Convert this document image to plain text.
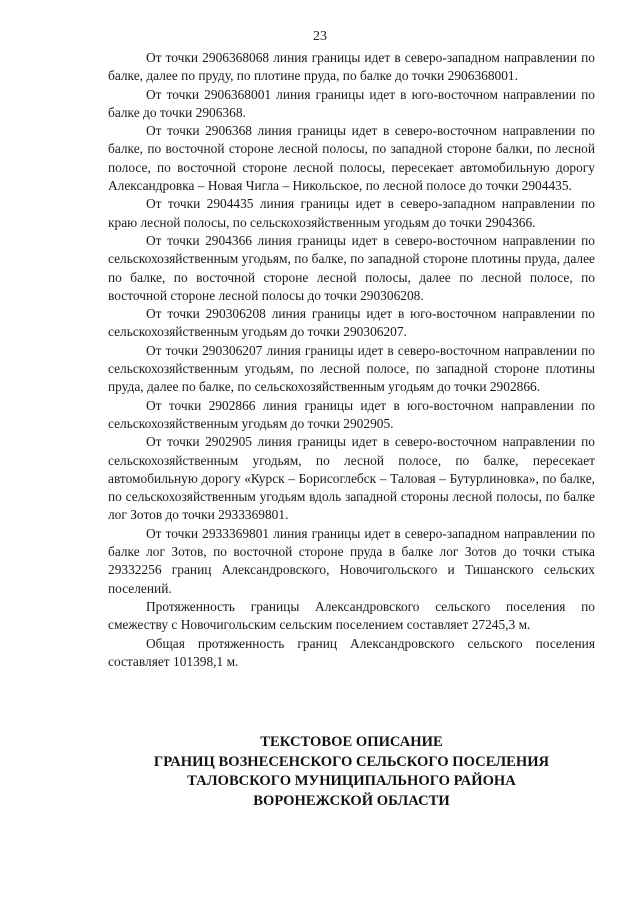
23

От точки 2906368068 линия границы идет в северо-западном направлении по балке, далее по пруду, по плотине пруда, по балке до точки 2906368001.

От точки 2906368001 линия границы идет в юго-восточном направлении по балке до точки 2906368.

От точки 2906368 линия границы идет в северо-восточном направлении по балке, по восточной стороне лесной полосы, по западной стороне балки, по лесной полосе, по восточной стороне лесной полосы, пересекает автомобильную дорогу Александровка – Новая Чигла – Никольское, по лесной полосе до точки 2904435.

От точки 2904435 линия границы идет в северо-западном направлении по краю лесной полосы, по сельскохозяйственным угодьям до точки 2904366.

От точки 2904366 линия границы идет в северо-восточном направлении по сельскохозяйственным угодьям, по балке, по западной стороне плотины пруда, далее по балке, по восточной стороне лесной полосы, далее по лесной полосе, по восточной стороне лесной полосы до точки 290306208.

От точки 290306208 линия границы идет в юго-восточном направлении по сельскохозяйственным угодьям до точки 290306207.

От точки 290306207 линия границы идет в северо-восточном направлении по сельскохозяйственным угодьям, по лесной полосе, по западной стороне плотины пруда, далее по балке, по сельскохозяйственным угодьям до точки 2902866.

От точки 2902866 линия границы идет в юго-восточном направлении по сельскохозяйственным угодьям до точки 2902905.

От точки 2902905 линия границы идет в северо-восточном направлении по сельскохозяйственным угодьям, по лесной полосе, по балке, пересекает автомобильную дорогу «Курск – Борисоглебск – Таловая – Бутурлиновка», по балке, по сельскохозяйственным угодьям вдоль западной стороны лесной полосы, по балке лог Зотов до точки 2933369801.

От точки 2933369801 линия границы идет в северо-западном направлении по балке лог Зотов, по восточной стороне пруда в балке лог Зотов до точки стыка 29332256 границ Александровского, Новочигольского и Тишанского сельских поселений.

Протяженность границы Александровского сельского поселения по смежеству с Новочигольским сельским поселением составляет 27245,3 м.

Общая протяженность границ Александровского сельского поселения составляет 101398,1 м.

ТЕКСТОВОЕ ОПИСАНИЕ
ГРАНИЦ ВОЗНЕСЕНСКОГО СЕЛЬСКОГО ПОСЕЛЕНИЯ
ТАЛОВСКОГО МУНИЦИПАЛЬНОГО РАЙОНА
ВОРОНЕЖСКОЙ ОБЛАСТИ
